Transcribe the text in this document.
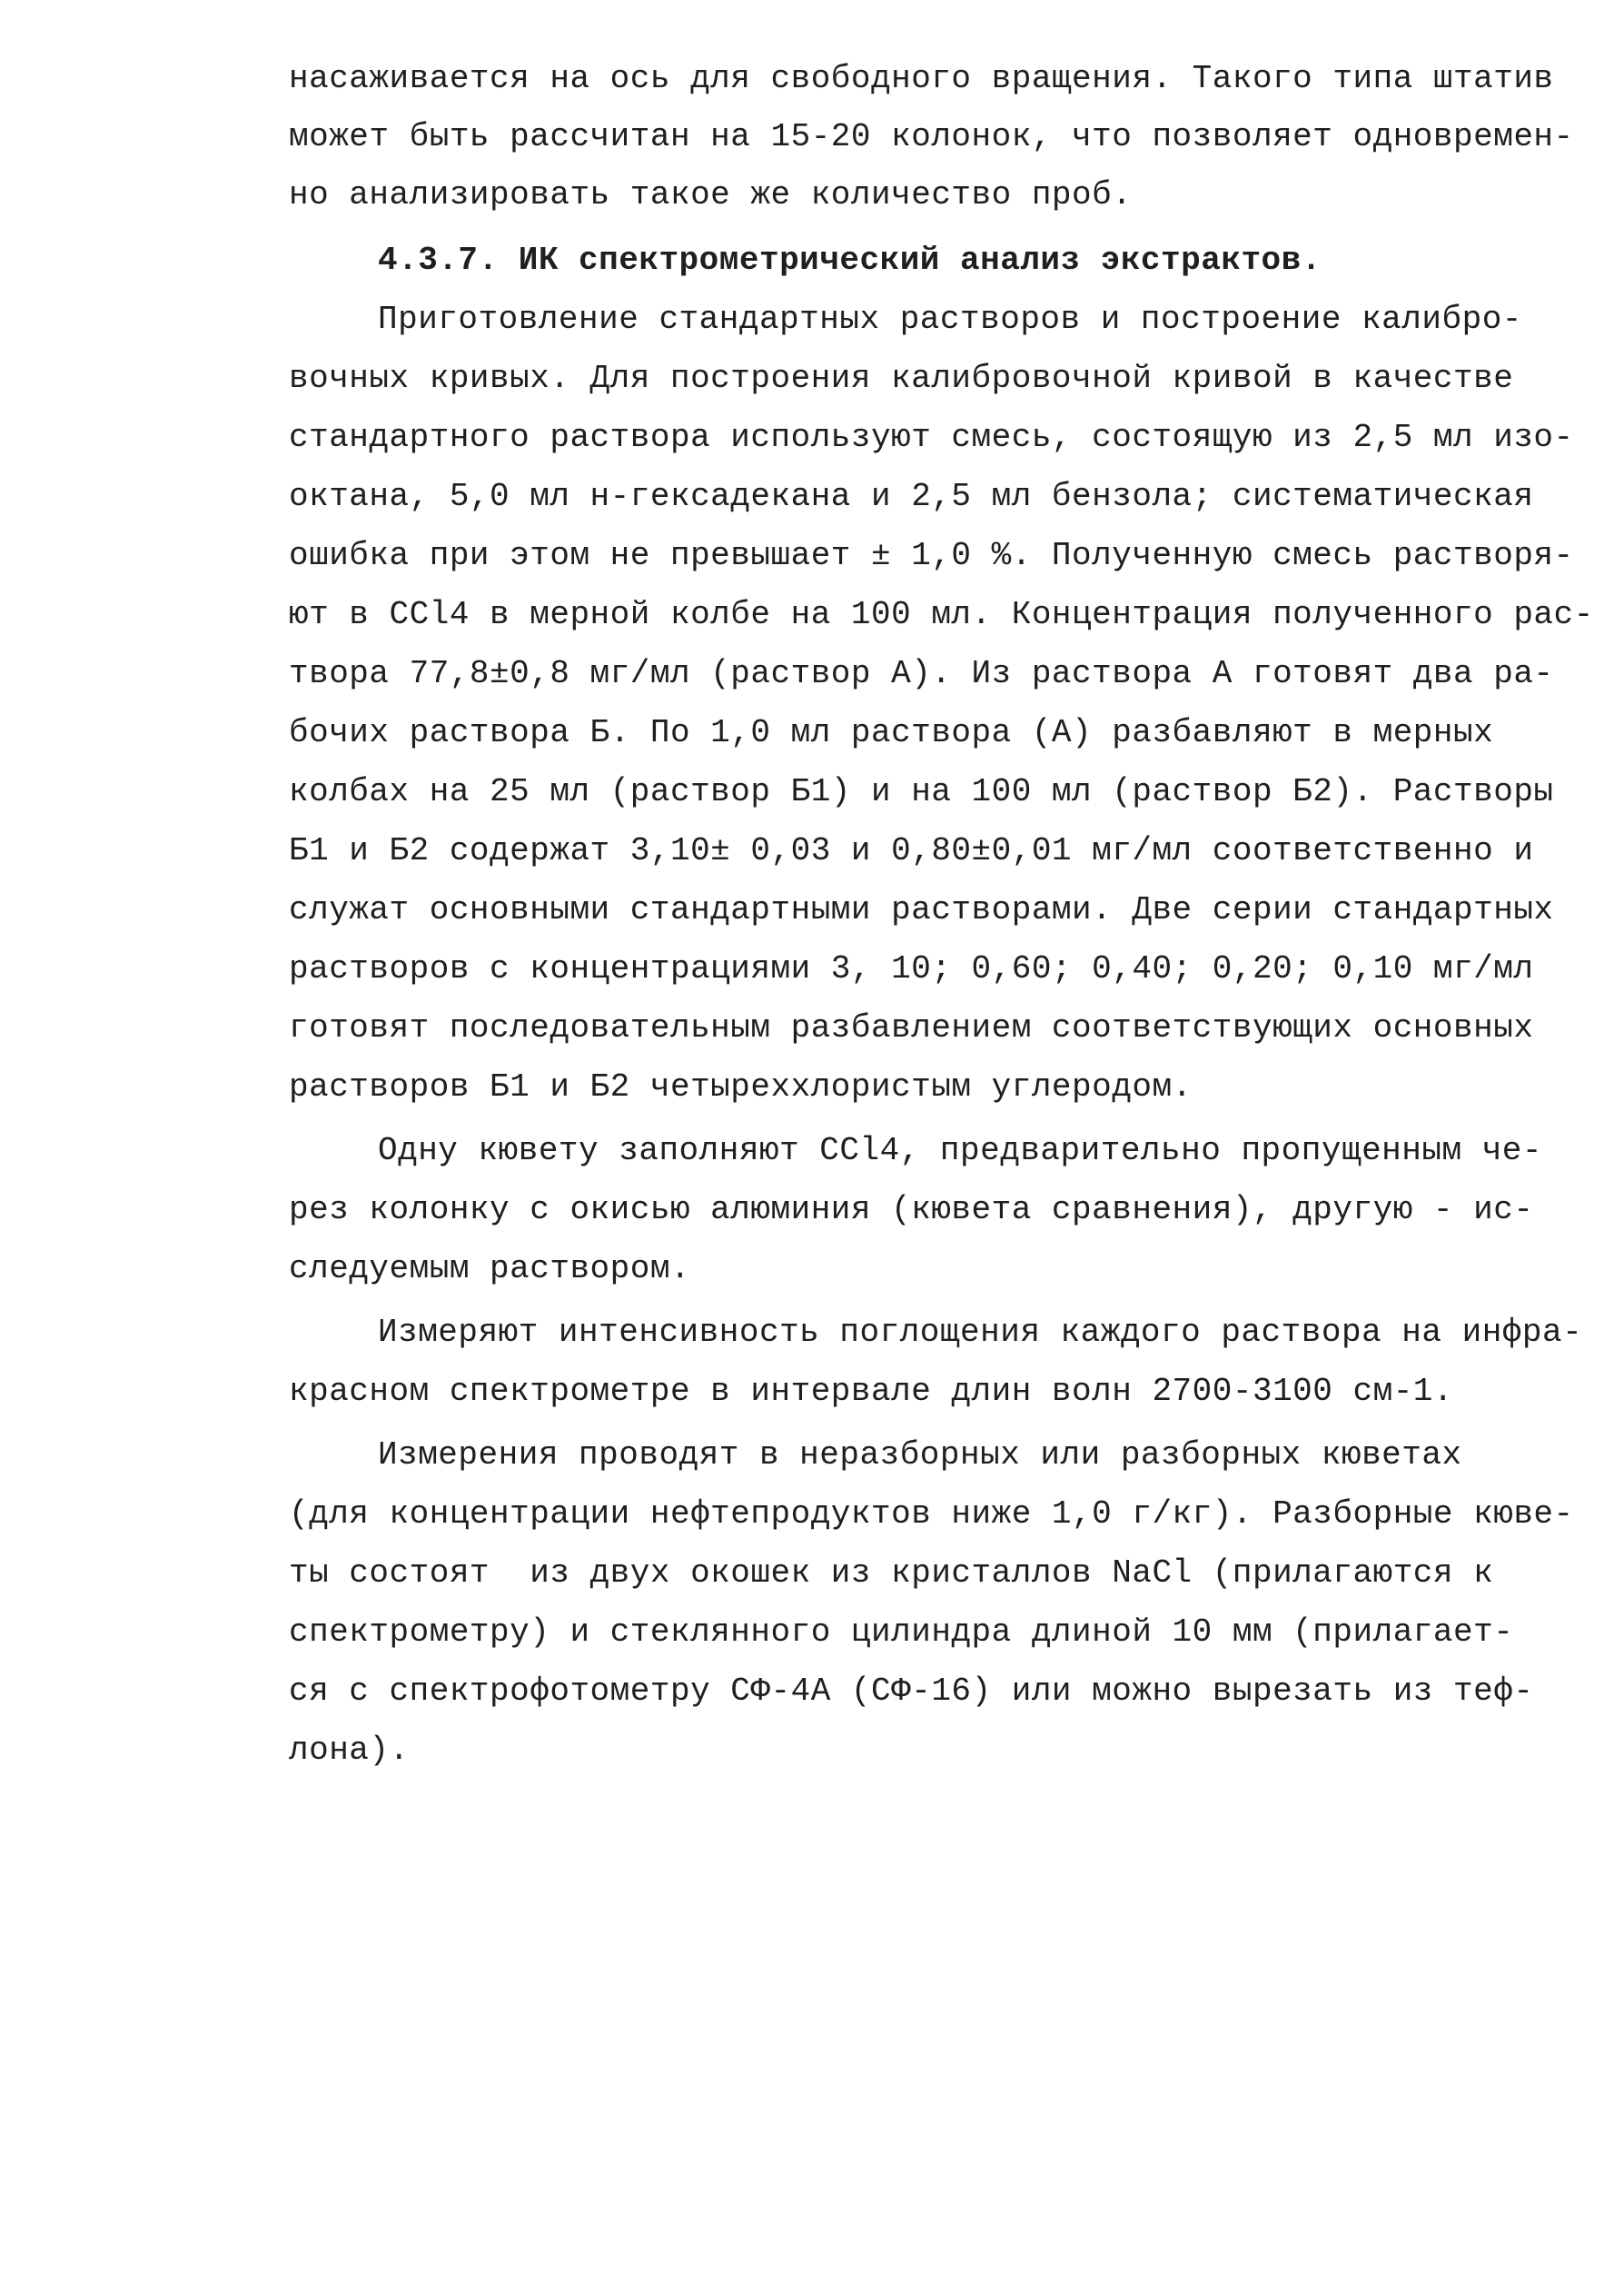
насаживается на ось для свободного вращения. Такого типа штатив
может быть рассчитан на 15-20 колонок, что позволяет одновремен-
но анализировать такое же количество проб.
4.3.7. ИК спектрометрический анализ экстрактов.
Приготовление стандартных растворов и построение калибро-
вочных кривых. Для построения калибровочной кривой в качестве
стандартного раствора используют смесь, состоящую из 2,5 мл изо-
октана, 5,0 мл н-гексадекана и 2,5 мл бензола; систематическая
ошибка при этом не превышает ± 1,0 %. Полученную смесь растворя-
ют в CCl4 в мерной колбе на 100 мл. Концентрация полученного рас-
твора 77,8±0,8 мг/мл (раствор А). Из раствора А готовят два ра-
бочих раствора Б. По 1,0 мл раствора (А) разбавляют в мерных
колбах на 25 мл (раствор Б1) и на 100 мл (раствор Б2). Растворы
Б1 и Б2 содержат 3,10± 0,03 и 0,80±0,01 мг/мл соответственно и
служат основными стандартными растворами. Две серии стандартных
растворов с концентрациями 3, 10; 0,60; 0,40; 0,20; 0,10 мг/мл
готовят последовательным разбавлением соответствующих основных
растворов Б1 и Б2 четыреххлористым углеродом.
Одну кювету заполняют CCl4, предварительно пропущенным че-
рез колонку с окисью алюминия (кювета сравнения), другую - ис-
следуемым раствором.
Измеряют интенсивность поглощения каждого раствора на инфра-
красном спектрометре в интервале длин волн 2700-3100 см-1.
Измерения проводят в неразборных или разборных кюветах
(для концентрации нефтепродуктов ниже 1,0 г/кг). Разборные кюве-
ты состоят  из двух окошек из кристаллов NaCl (прилагаются к
спектрометру) и стеклянного цилиндра длиной 10 мм (прилагает-
ся с спектрофотометру СФ-4А (СФ-16) или можно вырезать из теф-
лона).
